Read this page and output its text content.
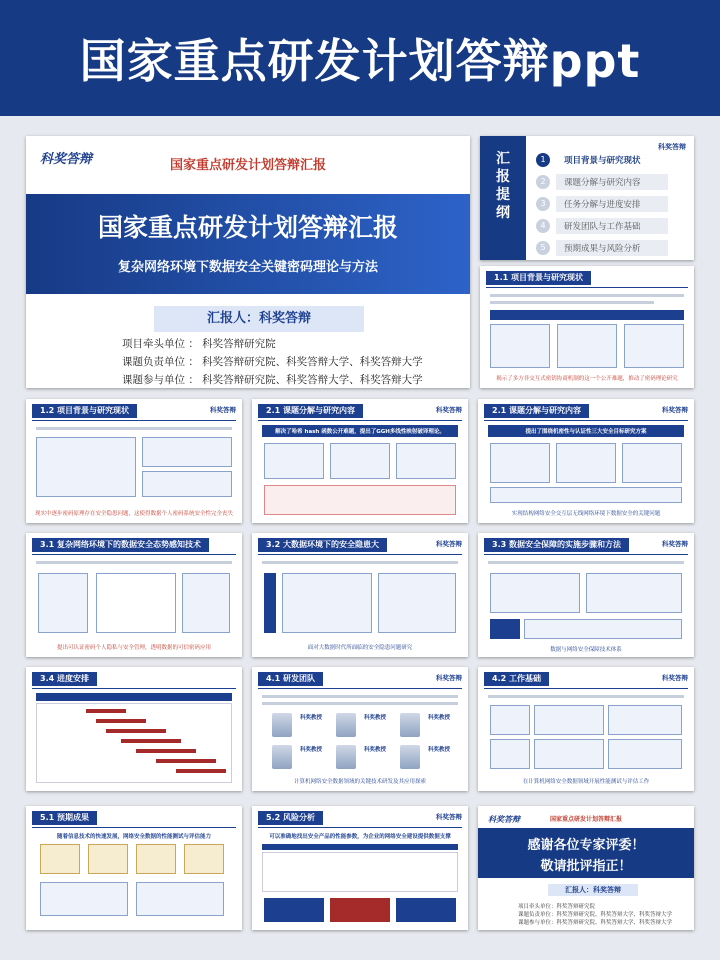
国家重点研发计划答辩ppt
科奖答辩	国家重点研发计划答辩汇报
国家重点研发计划答辩汇报
复杂网络环境下数据安全关键密码理论与方法
汇报人：科奖答辩
项目牵头单位 ： 科奖答辩研究院
课题负责单位 ： 科奖答辩研究院、科奖答辩大学、科奖答辩大学
课题参与单位 ： 科奖答辩研究院、科奖答辩大学、科奖答辩大学
汇
报
提
纲
科奖答辩
1	项目背景与研究现状
2	课题分解与研究内容
3	任务分解与进度安排
4	研发团队与工作基础
5	预期成果与风险分析
1.1 项目背景与研究现状
揭示了多方非交互式密钥协商机制的这一个公开难题，推动了密码理论研究
1.2 项目背景与研究现状	科奖答辩
现实中逐步密码原理存在安全隐患问题，这使得数据个人密码系统安全性完全丧失
2.1 课题分解与研究内容	科奖答辩
解决了哈希 hash 函数公开难题，提出了GGH多线性映射破译理论。
2.1 课题分解与研究内容	科奖答辩
提出了围绕机密性与认证性三大安全目标研究方案
实现结构网络安全交互层无线网络环境下数据安全的关键问题
3.1 复杂网络环境下的数据安全态势感知技术
提出可认证密码个人隐私与安全管理，透明数据的可信密码应用
3.2 大数据环境下的安全隐患大	科奖答辩
面对大数据时代所面临的安全隐患问题研究
3.3 数据安全保障的实施步骤和方法	科奖答辩
数据与网络安全保障技术体系
3.4 进度安排	4.1 研发团队	科奖答辩
科奖教授	科奖教授	科奖教授
科奖教授	科奖教授	科奖教授
计算机网络安全数据领域的关键技术研发及其应用探索
4.2 工作基础	科奖答辩
在计算机网络安全数据领域开展性能测试与评估工作
5.1 预期成果
随着信息技术的快速发展，网络安全数据的性能测试与评估能力
5.2 风险分析	科奖答辩
可以准确地找出安全产品的性能参数，为企业的网络安全建设提供数据支撑
科奖答辩	国家重点研发计划答辩汇报
感谢各位专家评委！
敬请批评指正！
汇报人：科奖答辩
项目牵头单位：科奖答辩研究院
课题负责单位：科奖答辩研究院、科奖答辩大学、科奖答辩大学
课题参与单位：科奖答辩研究院、科奖答辩大学、科奖答辩大学
